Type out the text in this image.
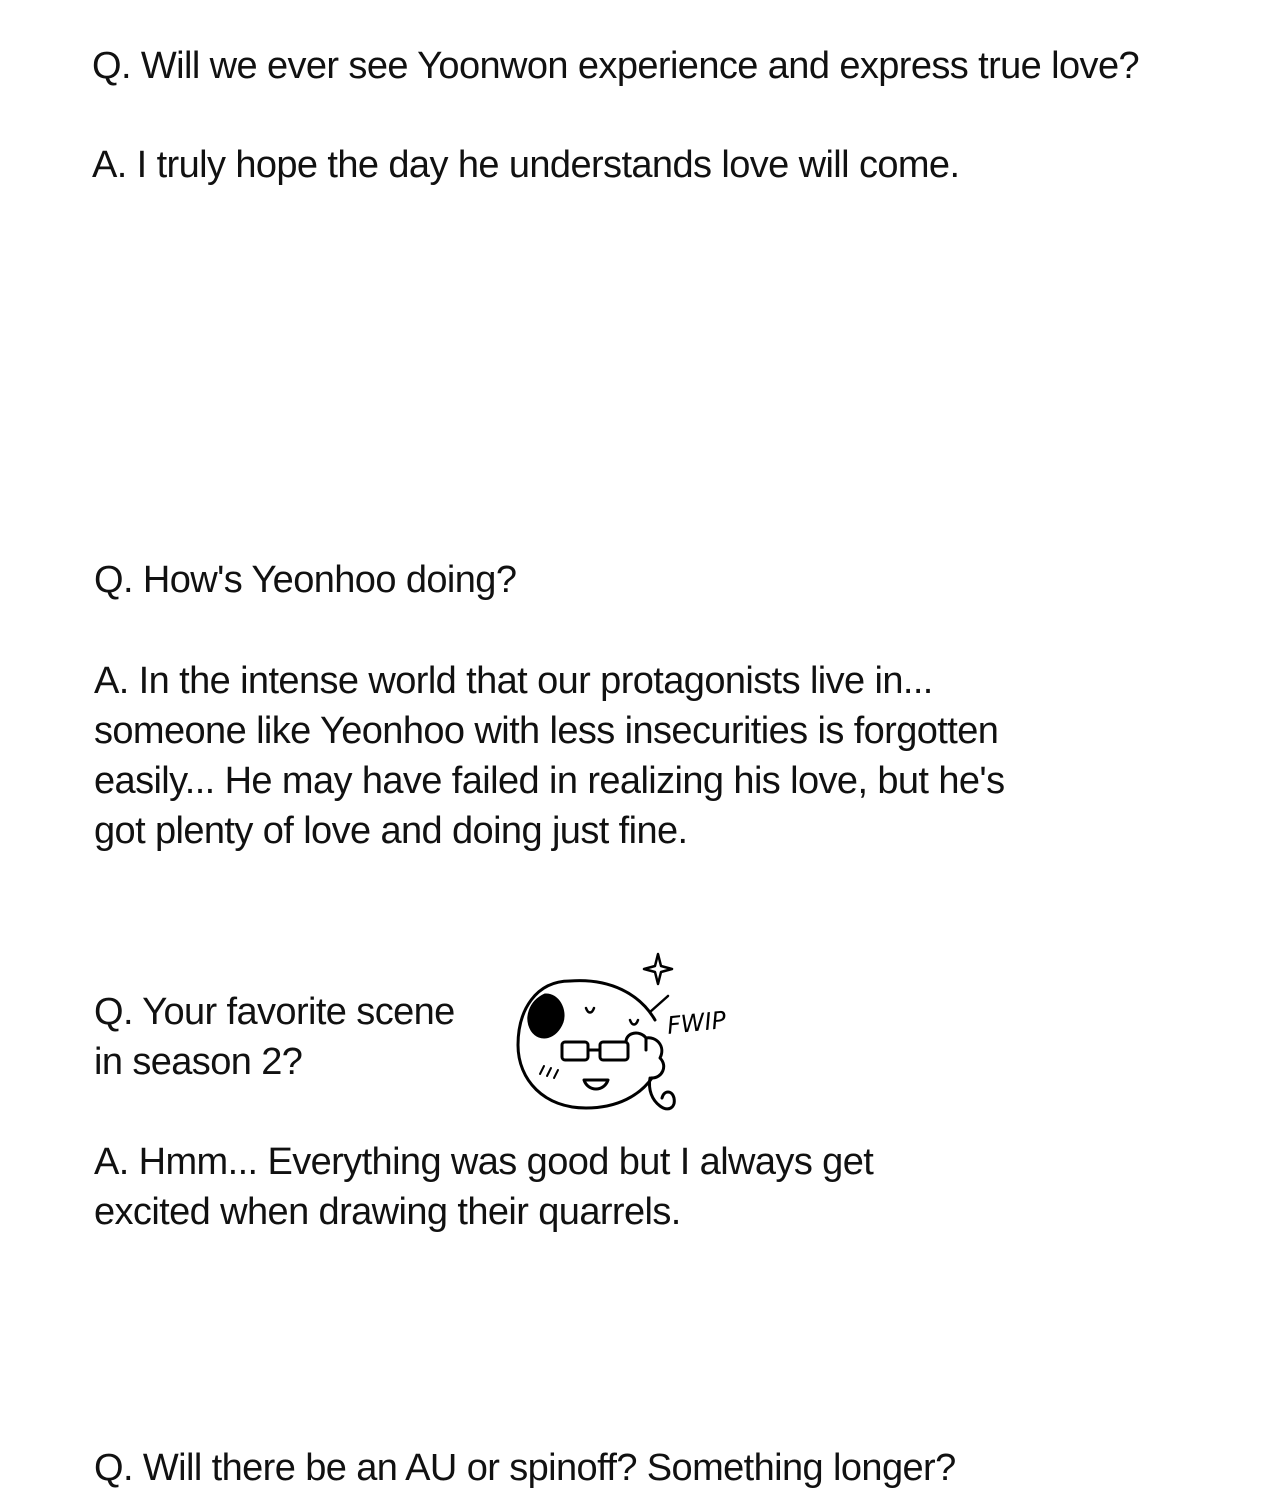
Q. Will we ever see Yoonwon experience and express true love?
A. I truly hope the day he understands love will come.
Q. How's Yeonhoo doing?
A. In the intense world that our protagonists live in...
someone like Yeonhoo with less insecurities is forgotten
easily... He may have failed in realizing his love, but he's
got plenty of love and doing just fine.
Q. Your favorite scene
in season 2?
FWIP
A. Hmm... Everything was good but I always get
excited when drawing their quarrels.
Q. Will there be an AU or spinoff? Something longer?
